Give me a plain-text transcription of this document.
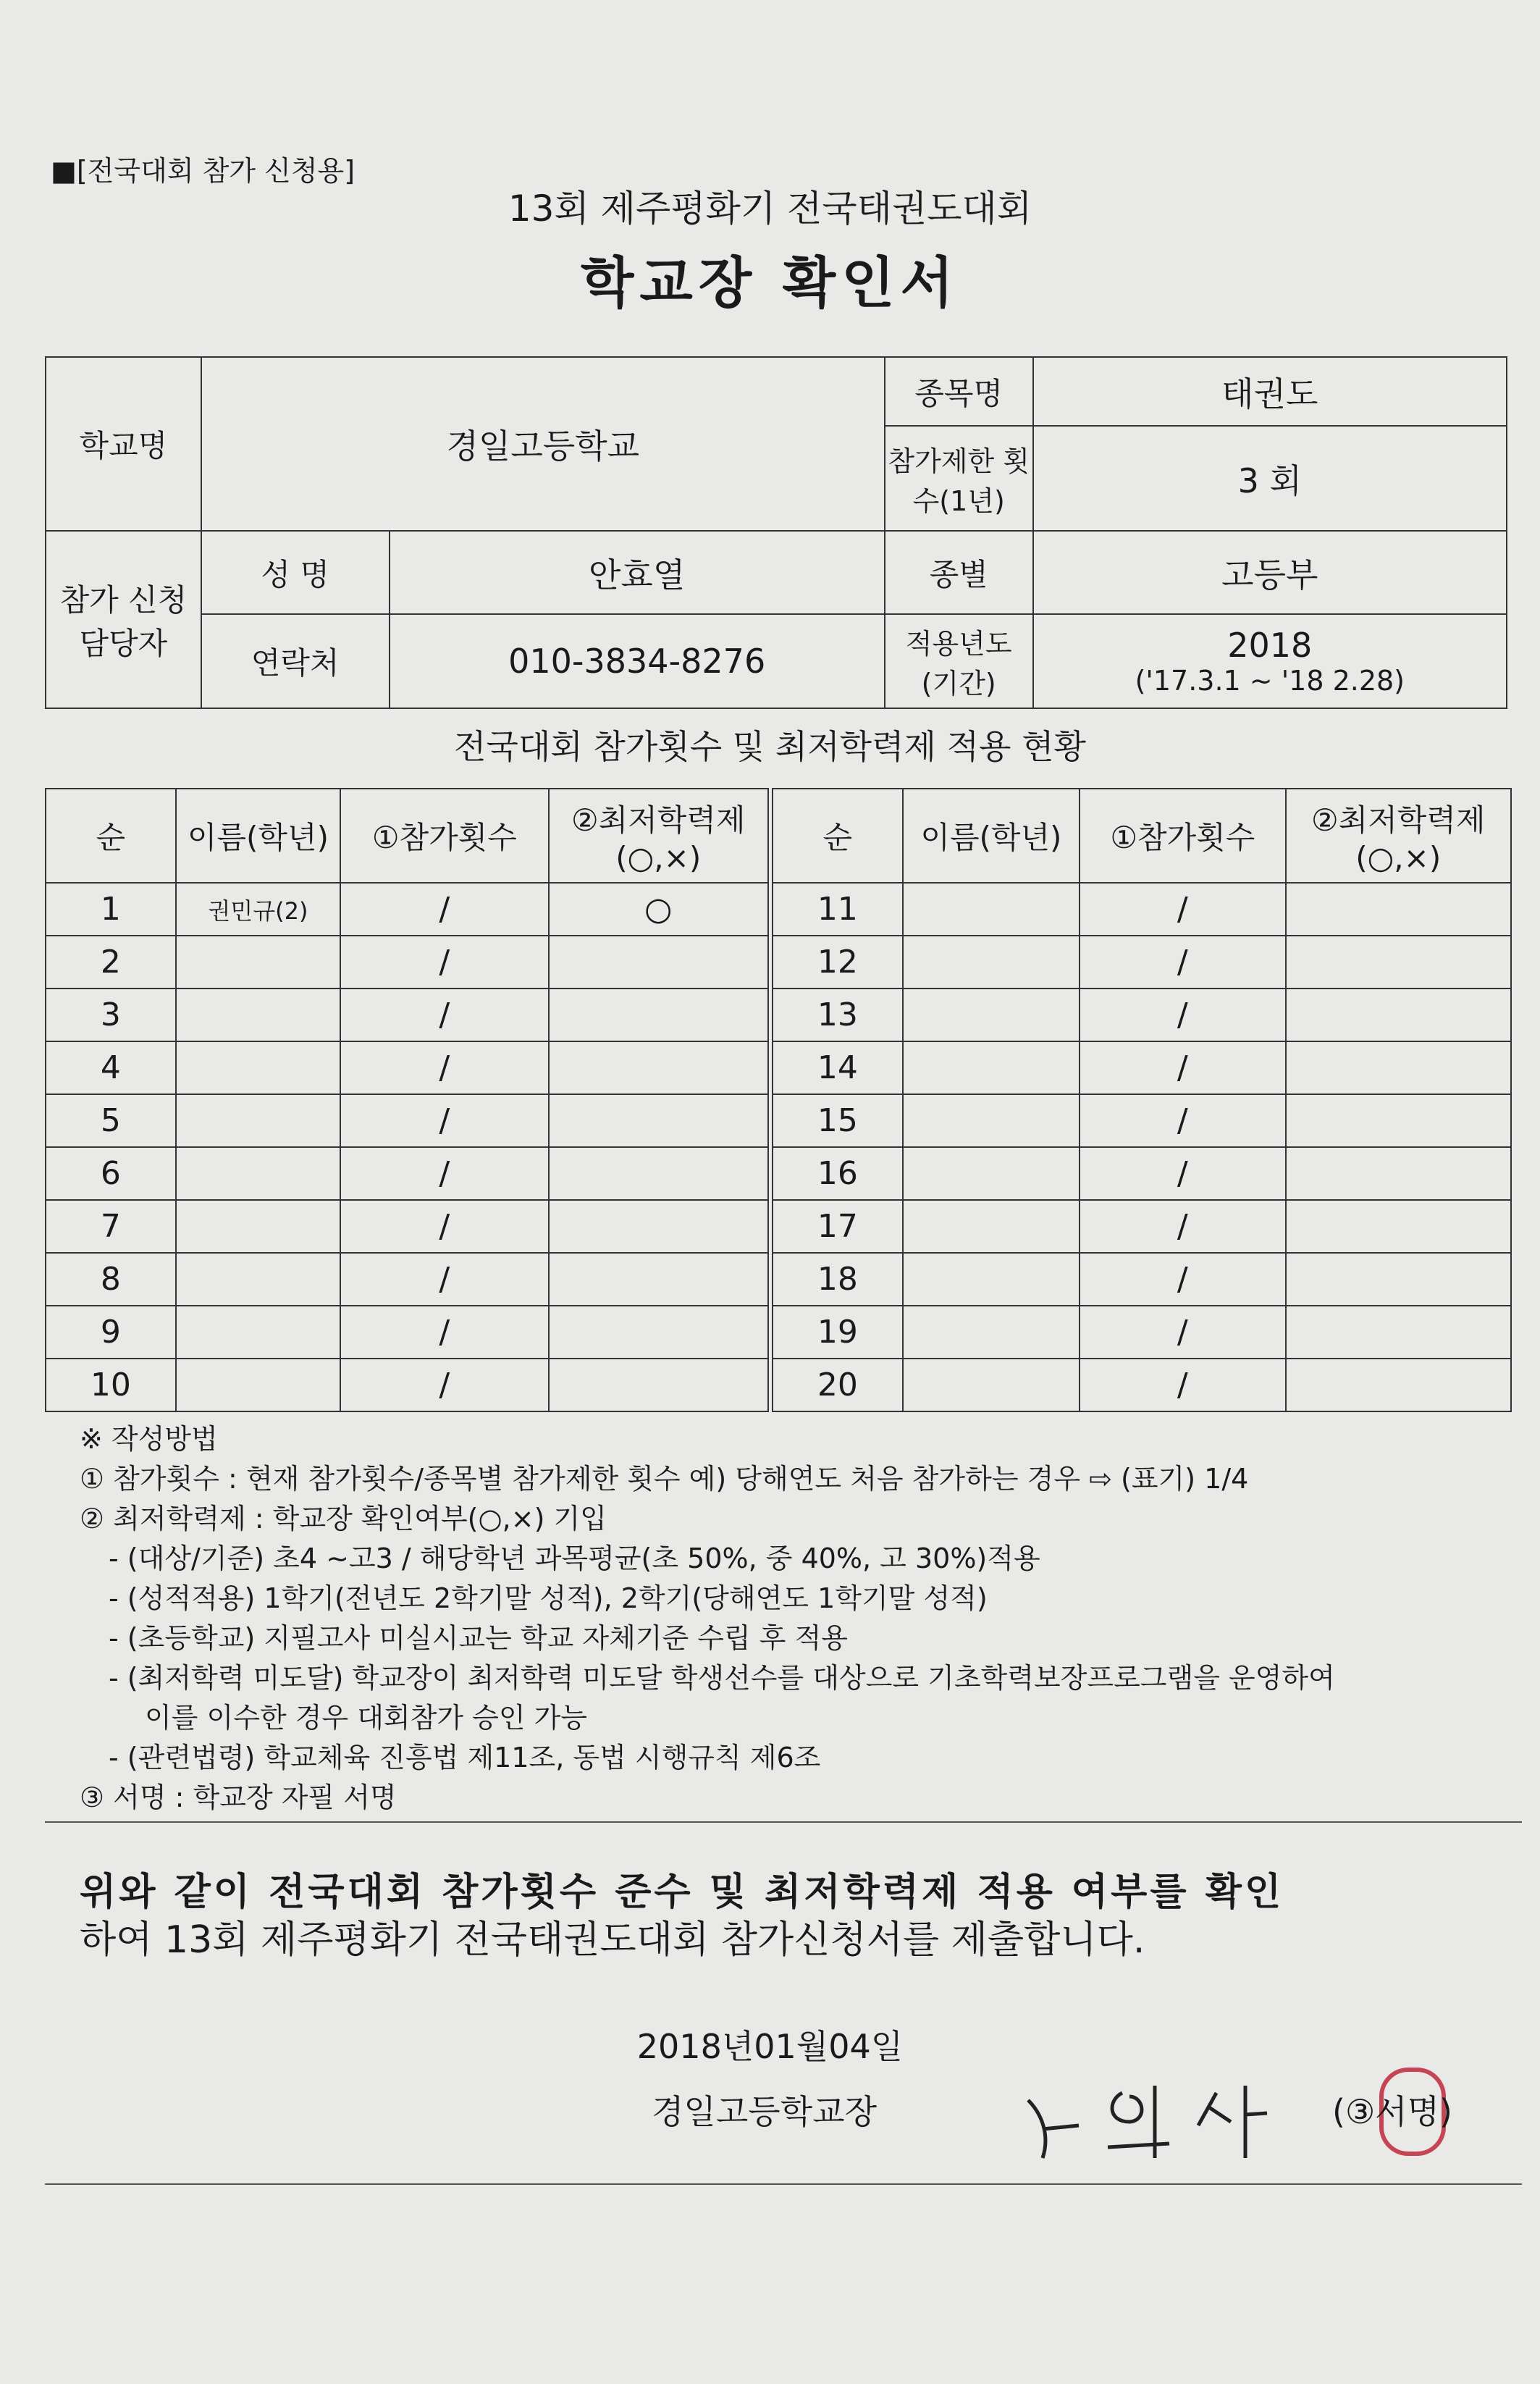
■[전국대회 참가 신청용]
13회 제주평화기 전국태권도대회
학교장 확인서
학교명	경일고등학교		종목명	태권도
			참가제한 횟수(1년)	3 회
참가 신청 담당자	성 명	안효열	종별	고등부
	연락처	010-3834-8276	적용년도 (기간)	2018
('17.3.1 ~ '18 2.28)
전국대회 참가횟수 및 최저학력제 적용 현황
순	이름(학년)	①참가횟수	②최저학력제 (○,×)
1	권민규(2)	/	○
2		/	
3		/	
4		/	
5		/	
6		/	
7		/	
8		/	
9		/	
10		/	
순	이름(학년)	①참가횟수	②최저학력제 (○,×)
11		/	
12		/	
13		/	
14		/	
15		/	
16		/	
17		/	
18		/	
19		/	
20		/	
※ 작성방법
① 참가횟수 : 현재 참가횟수/종목별 참가제한 횟수 예) 당해연도 처음 참가하는 경우 ⇨ (표기) 1/4
② 최저학력제 : 학교장 확인여부(○,×) 기입
- (대상/기준) 초4 ~고3 / 해당학년 과목평균(초 50%, 중 40%, 고 30%)적용
- (성적적용) 1학기(전년도 2학기말 성적), 2학기(당해연도 1학기말 성적)
- (초등학교) 지필고사 미실시교는 학교 자체기준 수립 후 적용
- (최저학력 미도달) 학교장이 최저학력 미도달 학생선수를 대상으로 기초학력보장프로그램을 운영하여
이를 이수한 경우 대회참가 승인 가능
- (관련법령) 학교체육 진흥법 제11조, 동법 시행규칙 제6조
③ 서명 : 학교장 자필 서명
위와 같이 전국대회 참가횟수 준수 및 최저학력제 적용 여부를 확인
하여 13회 제주평화기 전국태권도대회 참가신청서를 제출합니다.
2018년01월04일
경일고등학교장	(③서명)
